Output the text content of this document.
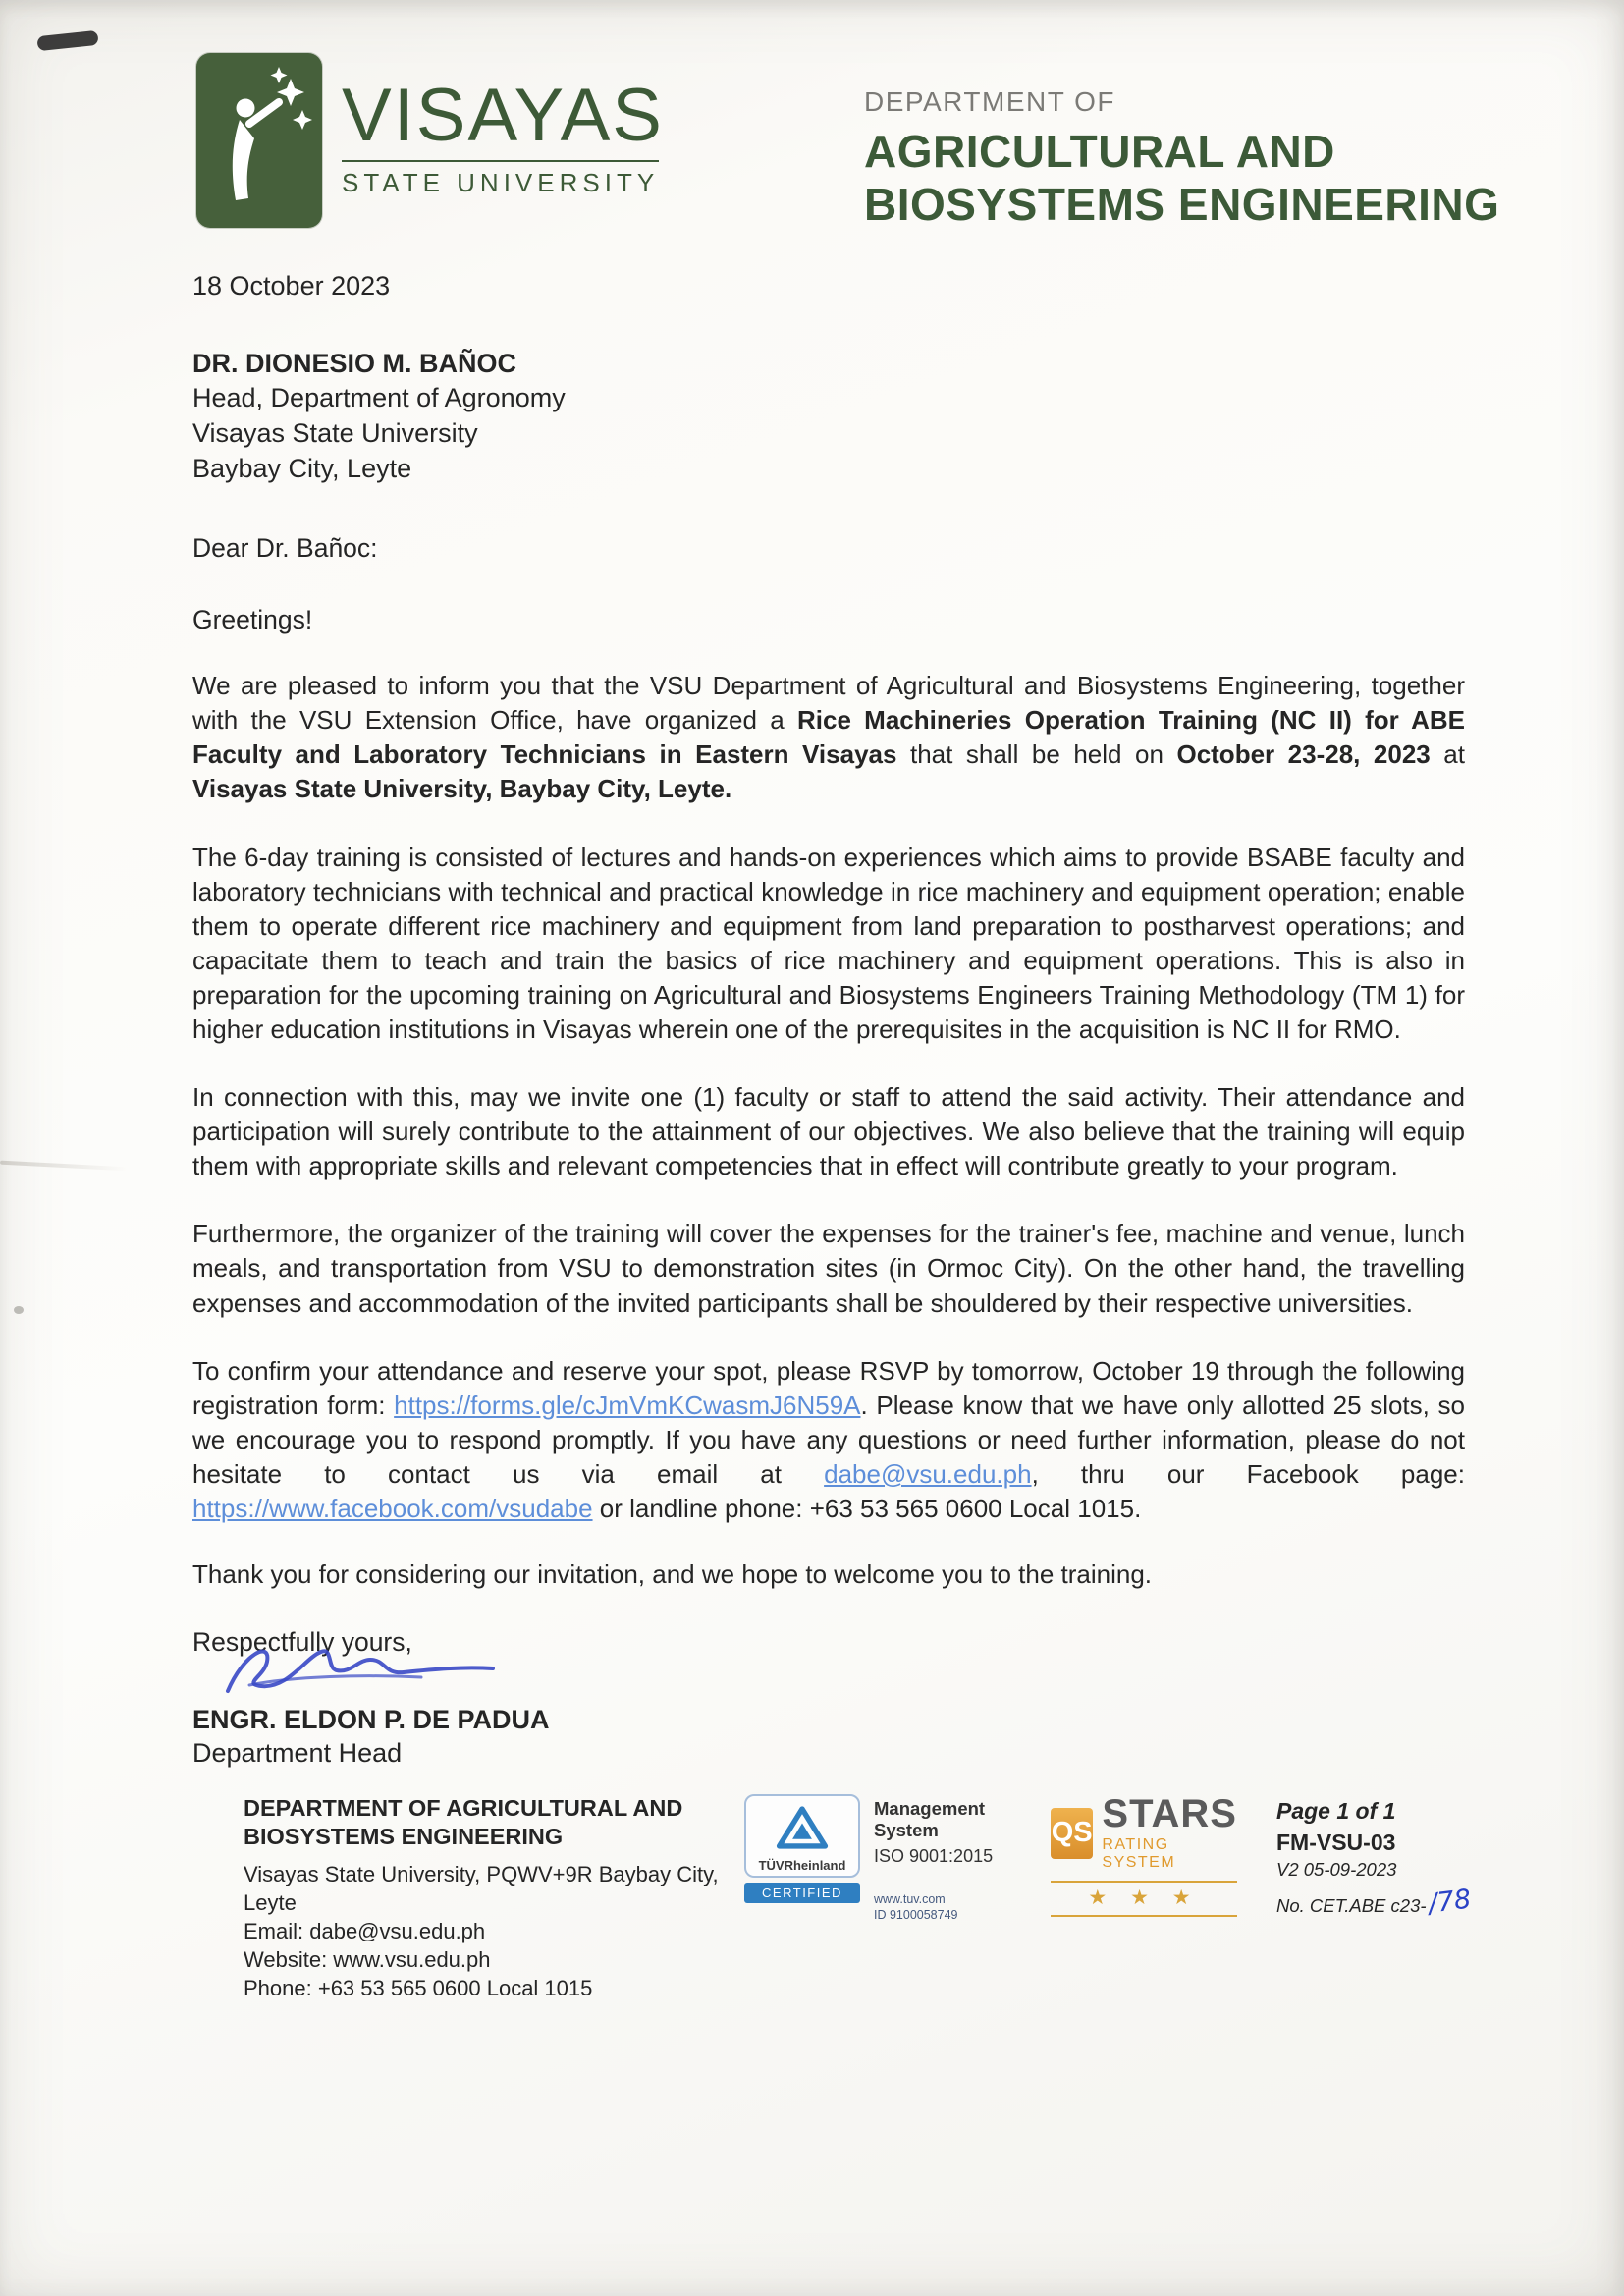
VISAYAS
STATE UNIVERSITY
DEPARTMENT OF
AGRICULTURAL AND
BIOSYSTEMS ENGINEERING
18 October 2023
DR. DIONESIO M. BAÑOC
Head, Department of Agronomy
Visayas State University
Baybay City, Leyte
Dear Dr. Bañoc:
Greetings!

We are pleased to inform you that the VSU Department of Agricultural and Biosystems Engineering, together with the VSU Extension Office, have organized a Rice Machineries Operation Training (NC II) for ABE Faculty and Laboratory Technicians in Eastern Visayas that shall be held on October 23-28, 2023 at Visayas State University, Baybay City, Leyte.

The 6-day training is consisted of lectures and hands-on experiences which aims to provide BSABE faculty and laboratory technicians with technical and practical knowledge in rice machinery and equipment operation; enable them to operate different rice machinery and equipment from land preparation to postharvest operations; and capacitate them to teach and train the basics of rice machinery and equipment operations. This is also in preparation for the upcoming training on Agricultural and Biosystems Engineers Training Methodology (TM 1) for higher education institutions in Visayas wherein one of the prerequisites in the acquisition is NC II for RMO.

In connection with this, may we invite one (1) faculty or staff to attend the said activity. Their attendance and participation will surely contribute to the attainment of our objectives. We also believe that the training will equip them with appropriate skills and relevant competencies that in effect will contribute greatly to your program.

Furthermore, the organizer of the training will cover the expenses for the trainer's fee, machine and venue, lunch meals, and transportation from VSU to demonstration sites (in Ormoc City). On the other hand, the travelling expenses and accommodation of the invited participants shall be shouldered by their respective universities.

To confirm your attendance and reserve your spot, please RSVP by tomorrow, October 19 through the following registration form: https://forms.gle/cJmVmKCwasmJ6N59A. Please know that we have only allotted 25 slots, so we encourage you to respond promptly. If you have any questions or need further information, please do not hesitate to contact us via email at dabe@vsu.edu.ph, thru our Facebook page: https://www.facebook.com/vsudabe or landline phone: +63 53 565 0600 Local 1015.

Thank you for considering our invitation, and we hope to welcome you to the training.

Respectfully yours,
ENGR. ELDON P. DE PADUA
Department Head
DEPARTMENT OF AGRICULTURAL AND
BIOSYSTEMS ENGINEERING
Visayas State University, PQWV+9R Baybay City, Leyte
Email: dabe@vsu.edu.ph
Website: www.vsu.edu.ph
Phone: +63 53 565 0600 Local 1015
TÜVRheinland
CERTIFIED
Management
System
ISO 9001:2015
www.tuv.com
ID 9100058749
QS STARS
RATING SYSTEM
★ ★ ★
Page 1 of 1
FM-VSU-03
V2 05-09-2023
No. CET.ABE c23-/78
